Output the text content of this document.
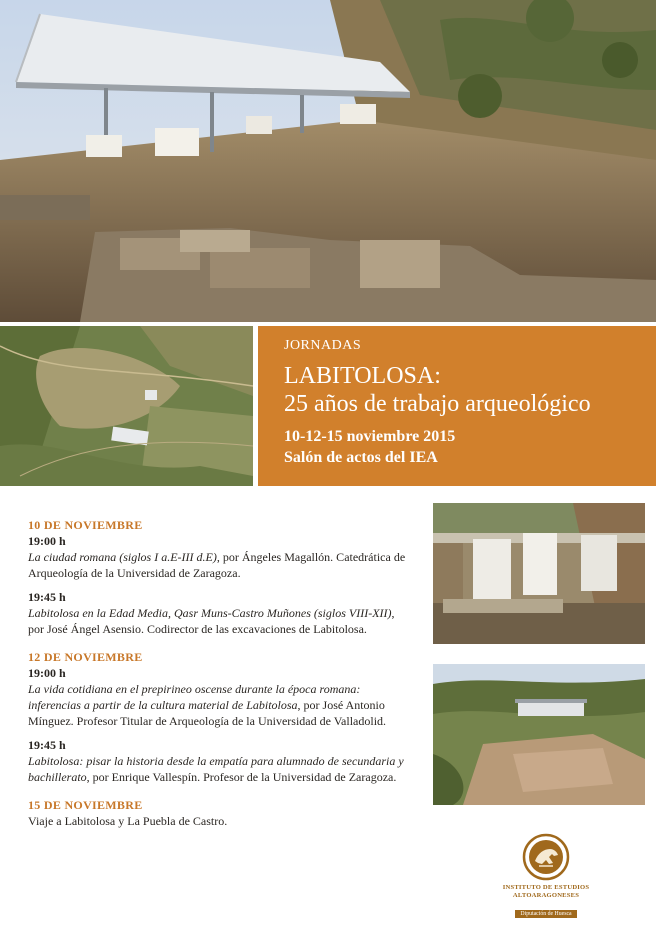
JORNADAS
LABITOLOSA:
25 años de trabajo arqueológico
10-12-15 noviembre 2015
Salón de actos del IEA
10 DE NOVIEMBRE
19:00 h
La ciudad romana (siglos I a.E-III d.E), por Ángeles Magallón. Catedrática de Arqueología de la Universidad de Zaragoza.
19:45 h
Labitolosa en la Edad Media, Qasr Muns-Castro Muñones (siglos VIII-XII), por José Ángel Asensio. Codirector de las excavaciones de Labitolosa.
12 DE NOVIEMBRE
19:00 h
La vida cotidiana en el prepirineo oscense durante la época romana: inferencias a partir de la cultura material de Labitolosa, por José Antonio Mínguez. Profesor Titular de Arqueología de la Universidad de Valladolid.
19:45 h
Labitolosa: pisar la historia desde la empatía para alumnado de secundaria y bachillerato, por Enrique Vallespín. Profesor de la Universidad de Zaragoza.
15 DE NOVIEMBRE
Viaje a Labitolosa y La Puebla de Castro.
INSTITUTO DE ESTUDIOS
ALTOARAGONESES
Diputación de Huesca
